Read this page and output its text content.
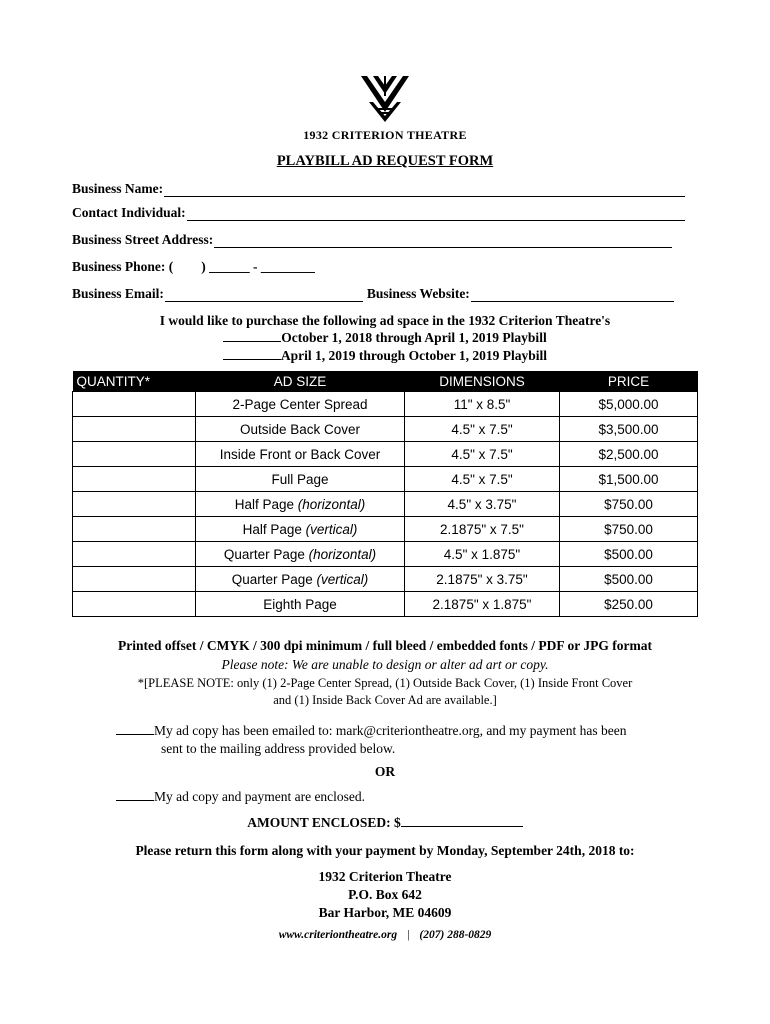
1932 CRITERION THEATRE
PLAYBILL AD REQUEST FORM
Business Name:
Contact Individual:
Business Street Address:
Business Phone: ( ) ______ - ________
Business Email:	Business Website:
I would like to purchase the following ad space in the 1932 Criterion Theatre's
October 1, 2018 through April 1, 2019 Playbill
April 1, 2019 through October 1, 2019 Playbill
QUANTITY*	AD SIZE	DIMENSIONS	PRICE
	2-Page Center Spread	11" x 8.5"	$5,000.00
	Outside Back Cover	4.5" x 7.5"	$3,500.00
	Inside Front or Back Cover	4.5" x 7.5"	$2,500.00
	Full Page	4.5" x 7.5"	$1,500.00
	Half Page (horizontal)	4.5" x 3.75"	$750.00
	Half Page (vertical)	2.1875" x 7.5"	$750.00
	Quarter Page (horizontal)	4.5" x 1.875"	$500.00
	Quarter Page (vertical)	2.1875" x 3.75"	$500.00
	Eighth Page	2.1875" x 1.875"	$250.00
Printed offset / CMYK / 300 dpi minimum / full bleed / embedded fonts / PDF or JPG format
Please note: We are unable to design or alter ad art or copy.
*[PLEASE NOTE: only (1) 2-Page Center Spread, (1) Outside Back Cover, (1) Inside Front Cover
and (1) Inside Back Cover Ad are available.]
My ad copy has been emailed to: mark@criteriontheatre.org, and my payment has been
sent to the mailing address provided below.
OR
My ad copy and payment are enclosed.
AMOUNT ENCLOSED: $
Please return this form along with your payment by Monday, September 24th, 2018 to:
1932 Criterion Theatre
P.O. Box 642
Bar Harbor, ME 04609
www.criteriontheatre.org | (207) 288-0829
